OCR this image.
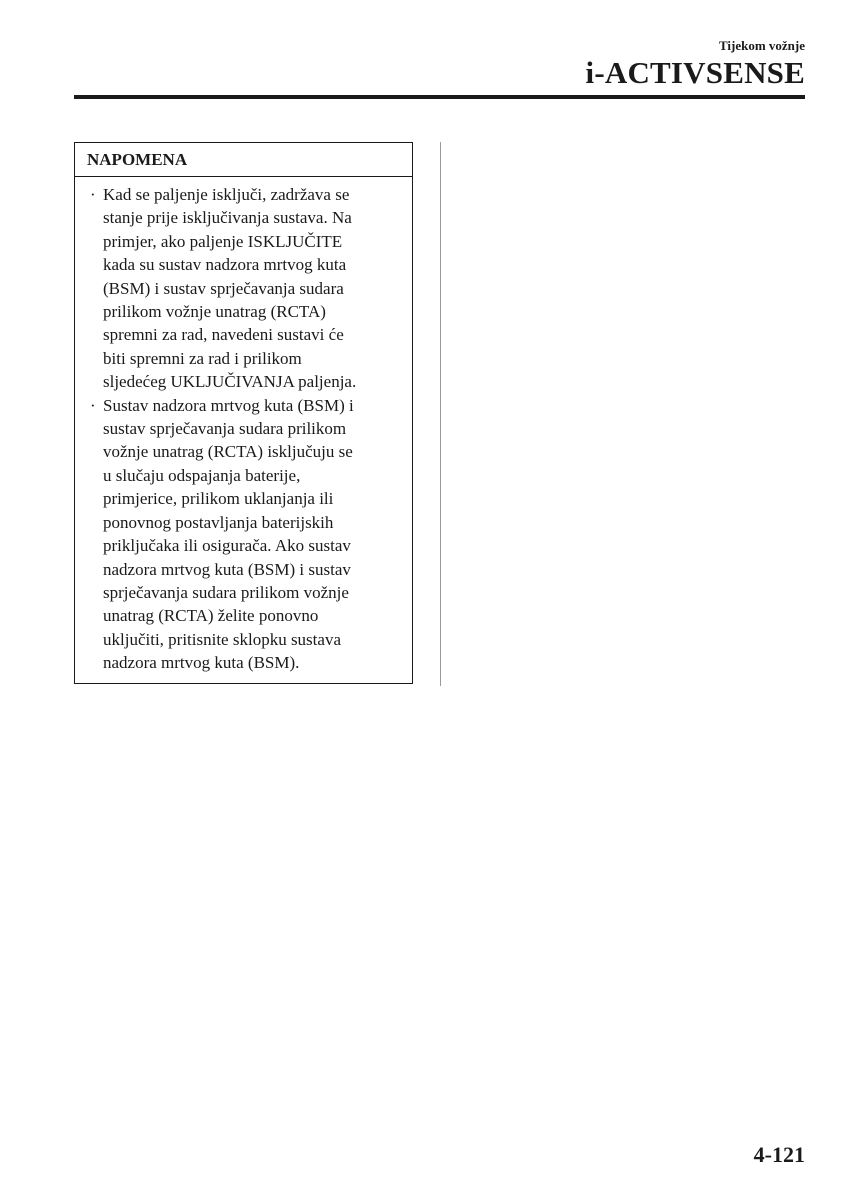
Tijekom vožnje
i-ACTIVSENSE
NAPOMENA
· Kad se paljenje isključi, zadržava se
stanje prije isključivanja sustava. Na
primjer, ako paljenje ISKLJUČITE
kada su sustav nadzora mrtvog kuta
(BSM) i sustav sprječavanja sudara
prilikom vožnje unatrag (RCTA)
spremni za rad, navedeni sustavi će
biti spremni za rad i prilikom
sljedećeg UKLJUČIVANJA paljenja.
· Sustav nadzora mrtvog kuta (BSM) i
sustav sprječavanja sudara prilikom
vožnje unatrag (RCTA) isključuju se
u slučaju odspajanja baterije,
primjerice, prilikom uklanjanja ili
ponovnog postavljanja baterijskih
priključaka ili osigurača. Ako sustav
nadzora mrtvog kuta (BSM) i sustav
sprječavanja sudara prilikom vožnje
unatrag (RCTA) želite ponovno
uključiti, pritisnite sklopku sustava
nadzora mrtvog kuta (BSM).
4-121
